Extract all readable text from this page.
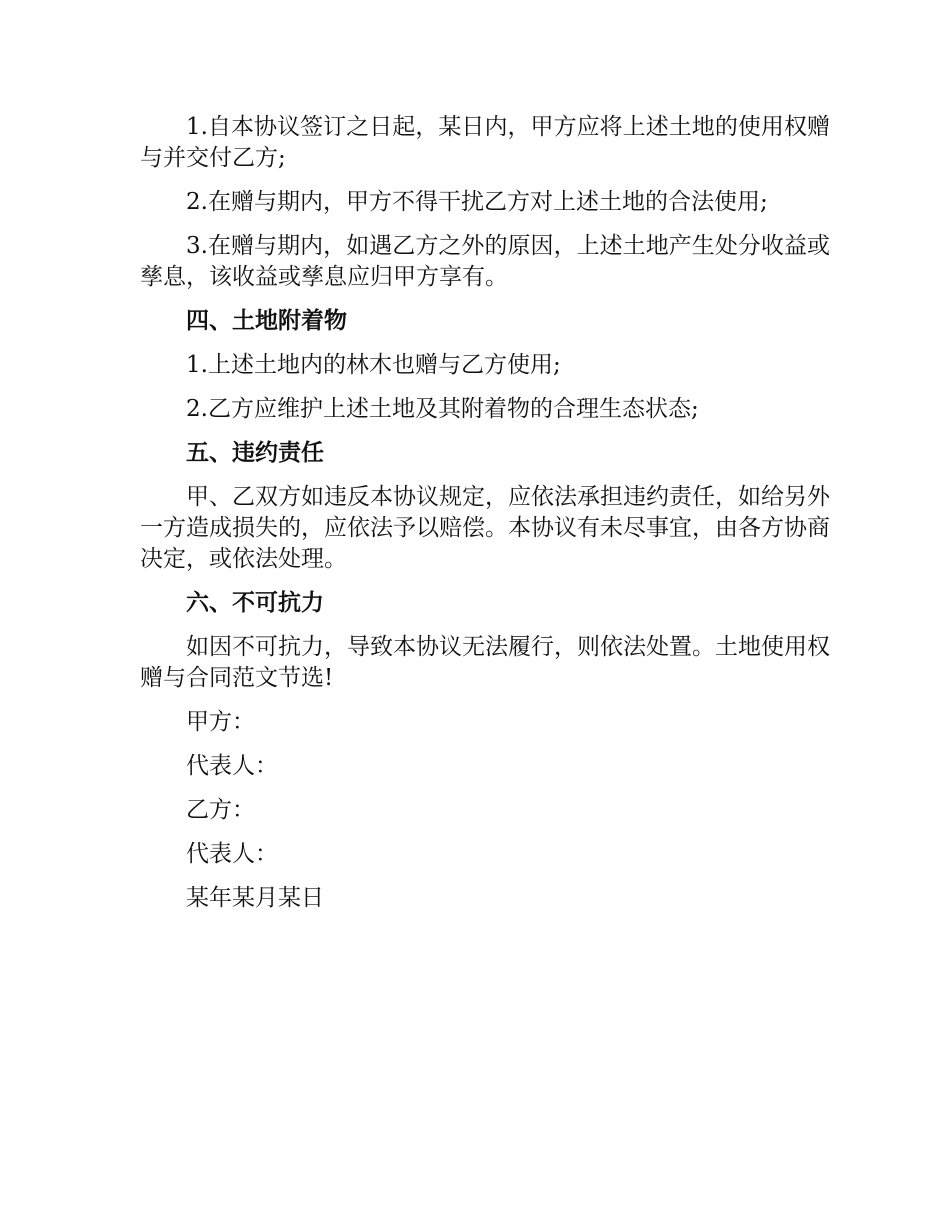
1.自本协议签订之日起，某日内，甲方应将上述土地的使用权赠与并交付乙方;

2.在赠与期内，甲方不得干扰乙方对上述土地的合法使用;

3.在赠与期内，如遇乙方之外的原因，上述土地产生处分收益或孳息，该收益或孳息应归甲方享有。

四、土地附着物

1.上述土地内的林木也赠与乙方使用;

2.乙方应维护上述土地及其附着物的合理生态状态;

五、违约责任

甲、乙双方如违反本协议规定，应依法承担违约责任，如给另外一方造成损失的，应依法予以赔偿。本协议有未尽事宜，由各方协商决定，或依法处理。

六、不可抗力

如因不可抗力，导致本协议无法履行，则依法处置。土地使用权赠与合同范文节选!

甲方：

代表人：

乙方：

代表人：

某年某月某日
